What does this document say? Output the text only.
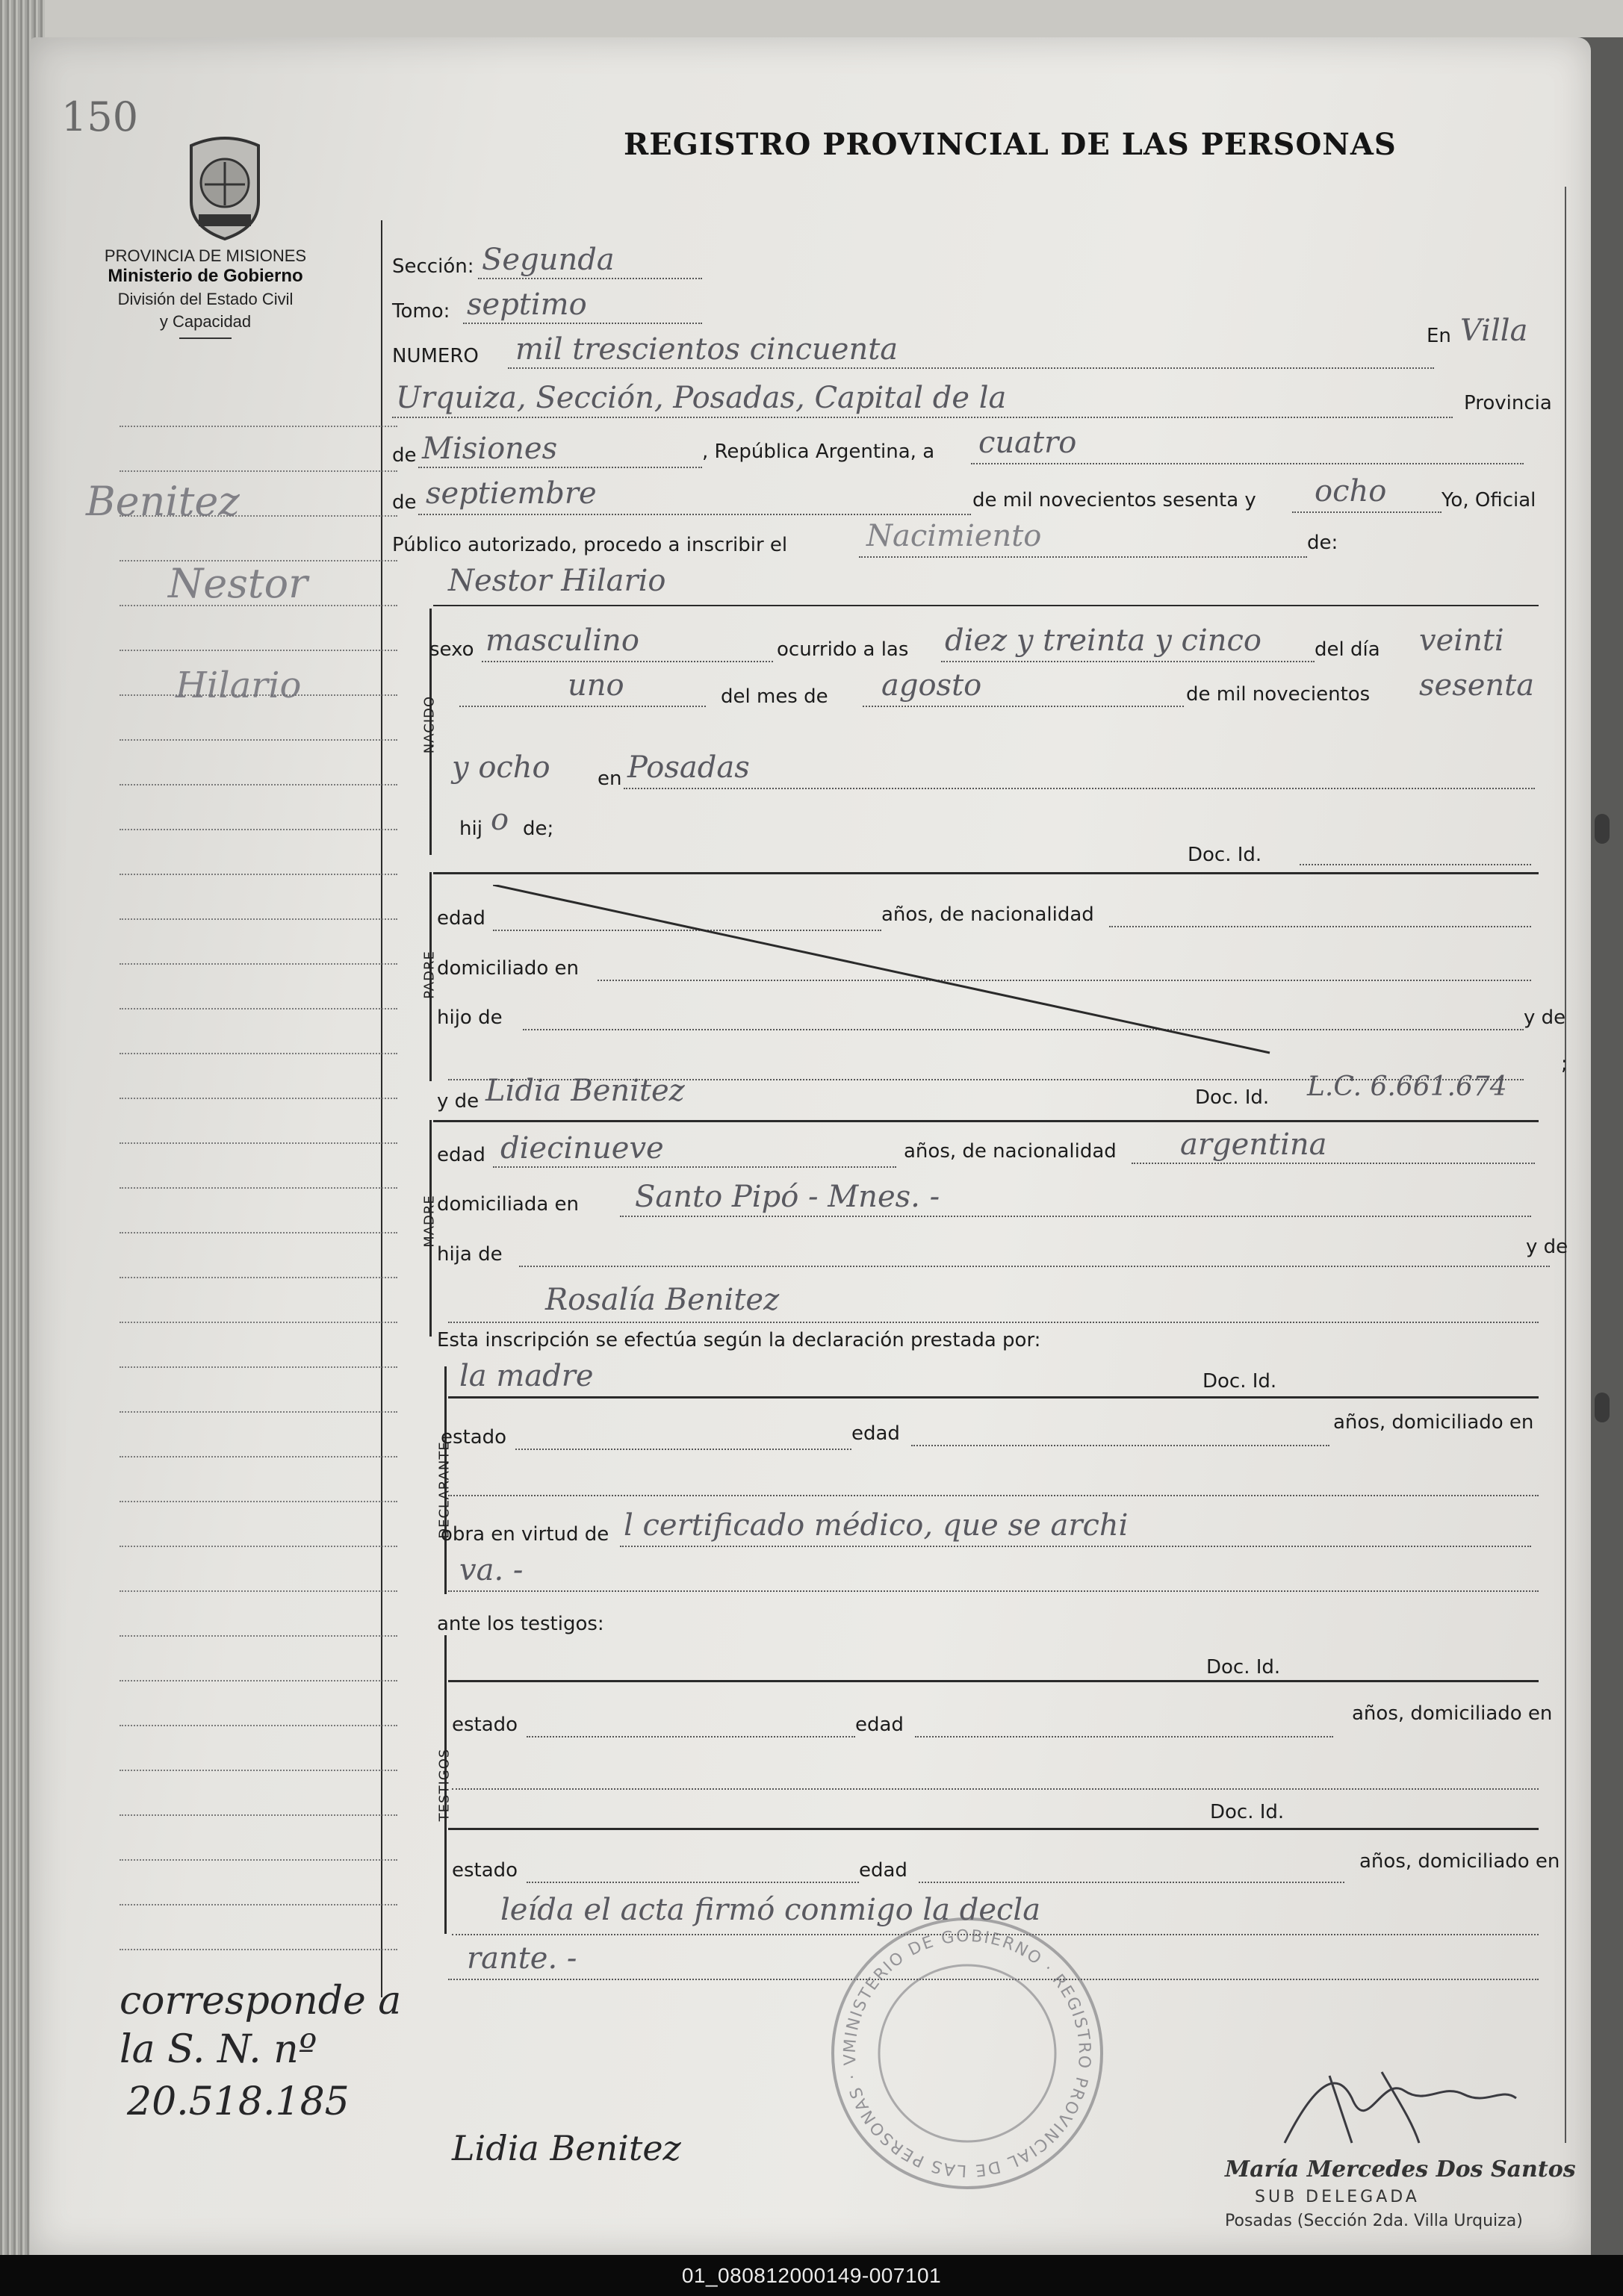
150
PROVINCIA DE MISIONES
Ministerio de Gobierno
División del Estado Civil
y Capacidad
REGISTRO PROVINCIAL DE LAS PERSONAS
Benitez
Nestor
Hilario
corresponde a
la S. N. nº
20.518.185
Sección: Segunda
Tomo: septimo
NUMERO mil trescientos cincuenta	En Villa
Urquiza, Sección, Posadas, Capital de la	Provincia
de Misiones	, República Argentina, a cuatro
de septiembre	de mil novecientos sesenta y ocho	Yo, Oficial
Público autorizado, procedo a inscribir el	Nacimiento	de:
NACIDO
Nestor Hilario
sexo masculino	ocurrido a las diez y treinta y cinco	del día veinti
uno	del mes de agosto	de mil novecientos sesenta
y ocho en Posadas
hij o de;
Doc. Id.
PADRE
edad	años, de nacionalidad
domiciliado en
hijo de	y de
;
MADRE
y de Lidia Benitez	Doc. Id. L.C. 6.661.674
edad diecinueve	años, de nacionalidad argentina
domiciliada en Santo Pipó - Mnes. -
hija de	y de
Rosalía Benitez
Esta inscripción se efectúa según la declaración prestada por:
DECLARANTE
la madre	Doc. Id.
estado	edad	años, domiciliado en
obra en virtud de l certificado médico, que se archi
va. -
ante los testigos:
TESTIGOS
Doc. Id.
estado	edad	años, domiciliado en
Doc. Id.
estado	edad	años, domiciliado en
leída el acta firmó conmigo la decla
rante. -
MINISTERIO DE GOBIERNO · REGISTRO PROVINCIAL DE LAS PERSONAS · V
Lidia Benitez
María Mercedes Dos Santos
SUB DELEGADA
Posadas (Sección 2da. Villa Urquiza)
01_080812000149-007101
